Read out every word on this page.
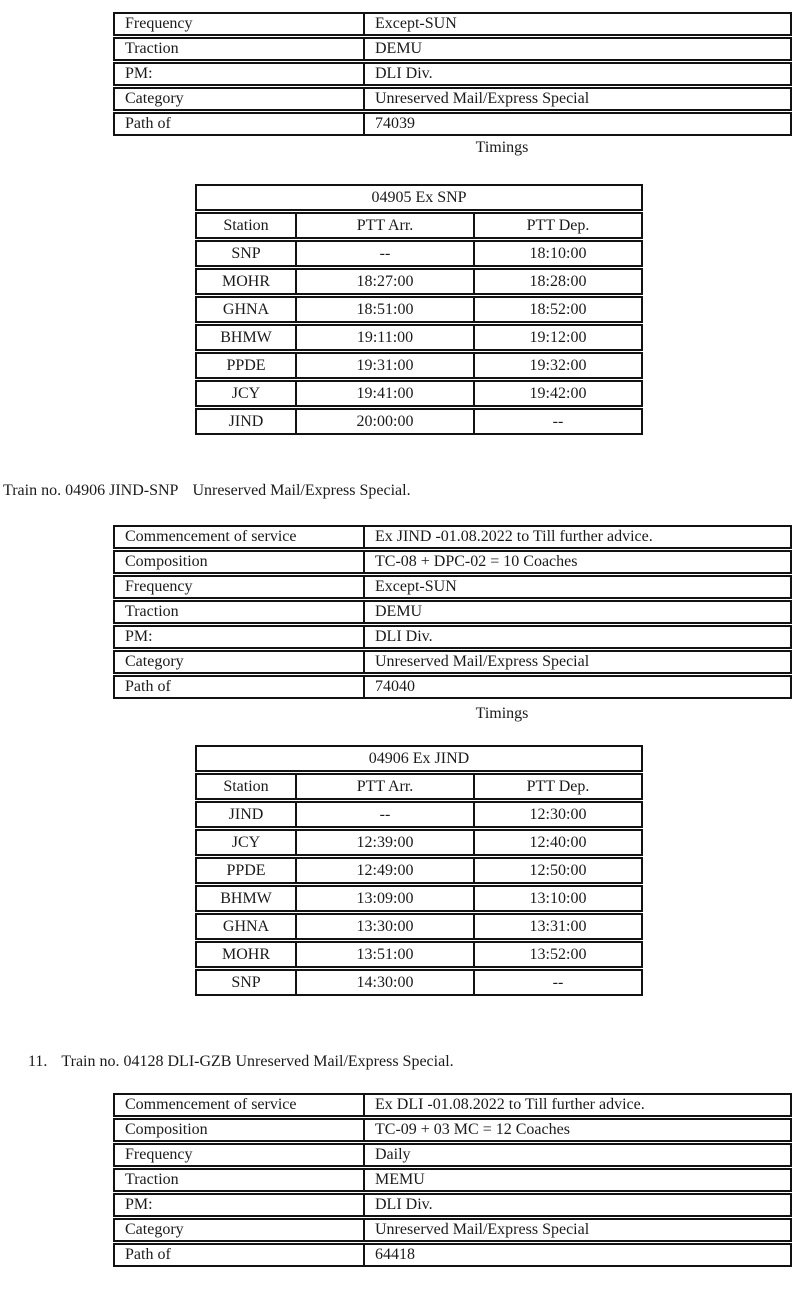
Frequency	Except-SUN
Traction	DEMU
PM:	DLI Div.
Category	Unreserved Mail/Express Special
Path of	74039
Timings
04905 Ex SNP
Station	PTT Arr.	PTT Dep.
SNP	--	18:10:00
MOHR	18:27:00	18:28:00
GHNA	18:51:00	18:52:00
BHMW	19:11:00	19:12:00
PPDE	19:31:00	19:32:00
JCY	19:41:00	19:42:00
JIND	20:00:00	--
Train no. 04906 JIND-SNP Unreserved Mail/Express Special.
Commencement of service	Ex JIND -01.08.2022 to Till further advice.
Composition	TC-08 + DPC-02 = 10 Coaches
Frequency	Except-SUN
Traction	DEMU
PM:	DLI Div.
Category	Unreserved Mail/Express Special
Path of	74040
Timings
04906 Ex JIND
Station	PTT Arr.	PTT Dep.
JIND	--	12:30:00
JCY	12:39:00	12:40:00
PPDE	12:49:00	12:50:00
BHMW	13:09:00	13:10:00
GHNA	13:30:00	13:31:00
MOHR	13:51:00	13:52:00
SNP	14:30:00	--
11. Train no. 04128 DLI-GZB Unreserved Mail/Express Special.
Commencement of service	Ex DLI -01.08.2022 to Till further advice.
Composition	TC-09 + 03 MC = 12 Coaches
Frequency	Daily
Traction	MEMU
PM:	DLI Div.
Category	Unreserved Mail/Express Special
Path of	64418
